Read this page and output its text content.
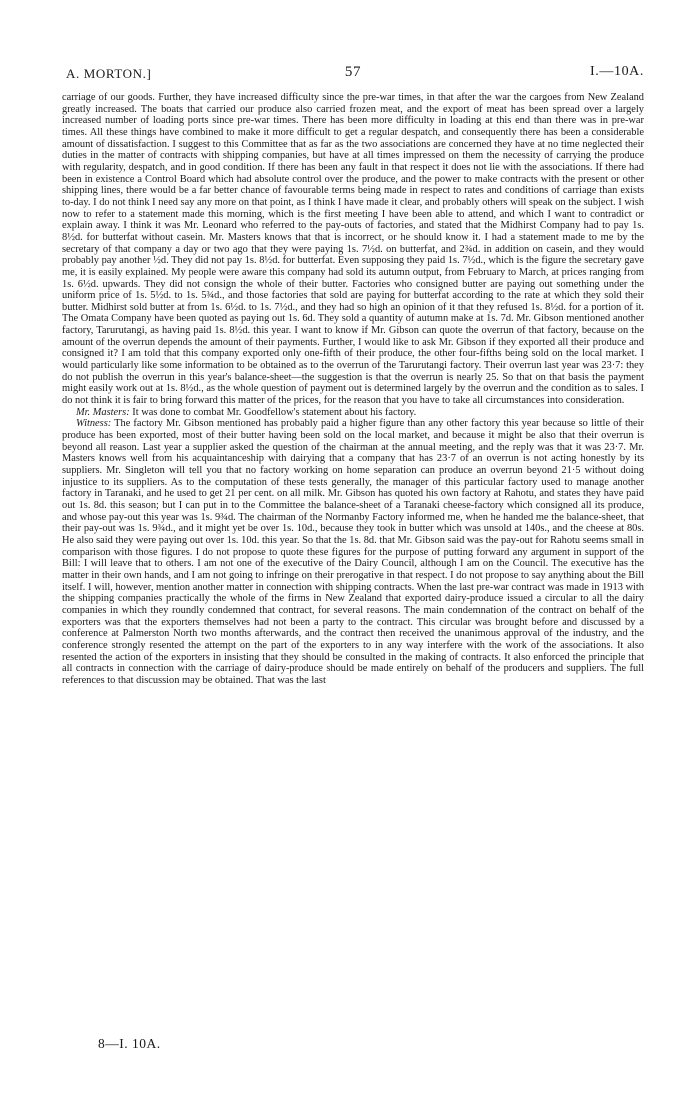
A. MORTON.]	57	I.—10A.

carriage of our goods. Further, they have increased difficulty since the pre-war times, in that after the war the cargoes from New Zealand greatly increased. The boats that carried our produce also carried frozen meat, and the export of meat has been spread over a largely increased number of loading ports since pre-war times. There has been more difficulty in loading at this end than there was in pre-war times. All these things have combined to make it more difficult to get a regular despatch, and consequently there has been a considerable amount of dissatisfaction. I suggest to this Committee that as far as the two associations are concerned they have at no time neglected their duties in the matter of contracts with shipping companies, but have at all times impressed on them the necessity of carrying the produce with regularity, despatch, and in good condition. If there has been any fault in that respect it does not lie with the associations. If there had been in existence a Control Board which had absolute control over the produce, and the power to make contracts with the present or other shipping lines, there would be a far better chance of favourable terms being made in respect to rates and conditions of carriage than exists to-day. I do not think I need say any more on that point, as I think I have made it clear, and probably others will speak on the subject. I wish now to refer to a statement made this morning, which is the first meeting I have been able to attend, and which I want to contradict or explain away. I think it was Mr. Leonard who referred to the pay-outs of factories, and stated that the Midhirst Company had to pay 1s. 8½d. for butterfat without casein. Mr. Masters knows that that is incorrect, or he should know it. I had a statement made to me by the secretary of that company a day or two ago that they were paying 1s. 7½d. on butterfat, and 2¾d. in addition on casein, and they would probably pay another ½d. They did not pay 1s. 8½d. for butterfat. Even supposing they paid 1s. 7½d., which is the figure the secretary gave me, it is easily explained. My people were aware this company had sold its autumn output, from February to March, at prices ranging from 1s. 6½d. upwards. They did not consign the whole of their butter. Factories who consigned butter are paying out something under the uniform price of 1s. 5½d. to 1s. 5¾d., and those factories that sold are paying for butterfat according to the rate at which they sold their butter. Midhirst sold butter at from 1s. 6½d. to 1s. 7½d., and they had so high an opinion of it that they refused 1s. 8½d. for a portion of it. The Omata Company have been quoted as paying out 1s. 6d. They sold a quantity of autumn make at 1s. 7d. Mr. Gibson mentioned another factory, Tarurutangi, as having paid 1s. 8½d. this year. I want to know if Mr. Gibson can quote the overrun of that factory, because on the amount of the overrun depends the amount of their payments. Further, I would like to ask Mr. Gibson if they exported all their produce and consigned it? I am told that this company exported only one-fifth of their produce, the other four-fifths being sold on the local market. I would particularly like some information to be obtained as to the overrun of the Tarurutangi factory. Their overrun last year was 23·7: they do not publish the overrun in this year's balance-sheet—the suggestion is that the overrun is nearly 25. So that on that basis the payment might easily work out at 1s. 8½d., as the whole question of payment out is determined largely by the overrun and the condition as to sales. I do not think it is fair to bring forward this matter of the prices, for the reason that you have to take all circumstances into consideration.

Mr. Masters: It was done to combat Mr. Goodfellow's statement about his factory.

Witness: The factory Mr. Gibson mentioned has probably paid a higher figure than any other factory this year because so little of their produce has been exported, most of their butter having been sold on the local market, and because it might be also that their overrun is beyond all reason. Last year a supplier asked the question of the chairman at the annual meeting, and the reply was that it was 23·7. Mr. Masters knows well from his acquaintanceship with dairying that a company that has 23·7 of an overrun is not acting honestly by its suppliers. Mr. Singleton will tell you that no factory working on home separation can produce an overrun beyond 21·5 without doing injustice to its suppliers. As to the computation of these tests generally, the manager of this particular factory used to manage another factory in Taranaki, and he used to get 21 per cent. on all milk. Mr. Gibson has quoted his own factory at Rahotu, and states they have paid out 1s. 8d. this season; but I can put in to the Committee the balance-sheet of a Taranaki cheese-factory which consigned all its produce, and whose pay-out this year was 1s. 9¾d. The chairman of the Normanby Factory informed me, when he handed me the balance-sheet, that their pay-out was 1s. 9¾d., and it might yet be over 1s. 10d., because they took in butter which was unsold at 140s., and the cheese at 80s. He also said they were paying out over 1s. 10d. this year. So that the 1s. 8d. that Mr. Gibson said was the pay-out for Rahotu seems small in comparison with those figures. I do not propose to quote these figures for the purpose of putting forward any argument in support of the Bill: I will leave that to others. I am not one of the executive of the Dairy Council, although I am on the Council. The executive has the matter in their own hands, and I am not going to infringe on their prerogative in that respect. I do not propose to say anything about the Bill itself. I will, however, mention another matter in connection with shipping contracts. When the last pre-war contract was made in 1913 with the shipping companies practically the whole of the firms in New Zealand that exported dairy-produce issued a circular to all the dairy companies in which they roundly condemned that contract, for several reasons. The main condemnation of the contract on behalf of the exporters was that the exporters themselves had not been a party to the contract. This circular was brought before and discussed by a conference at Palmerston North two months afterwards, and the contract then received the unanimous approval of the industry, and the conference strongly resented the attempt on the part of the exporters to in any way interfere with the work of the associations. It also resented the action of the exporters in insisting that they should be consulted in the making of contracts. It also enforced the principle that all contracts in connection with the carriage of dairy-produce should be made entirely on behalf of the producers and suppliers. The full references to that discussion may be obtained. That was the last

8—I. 10A.
